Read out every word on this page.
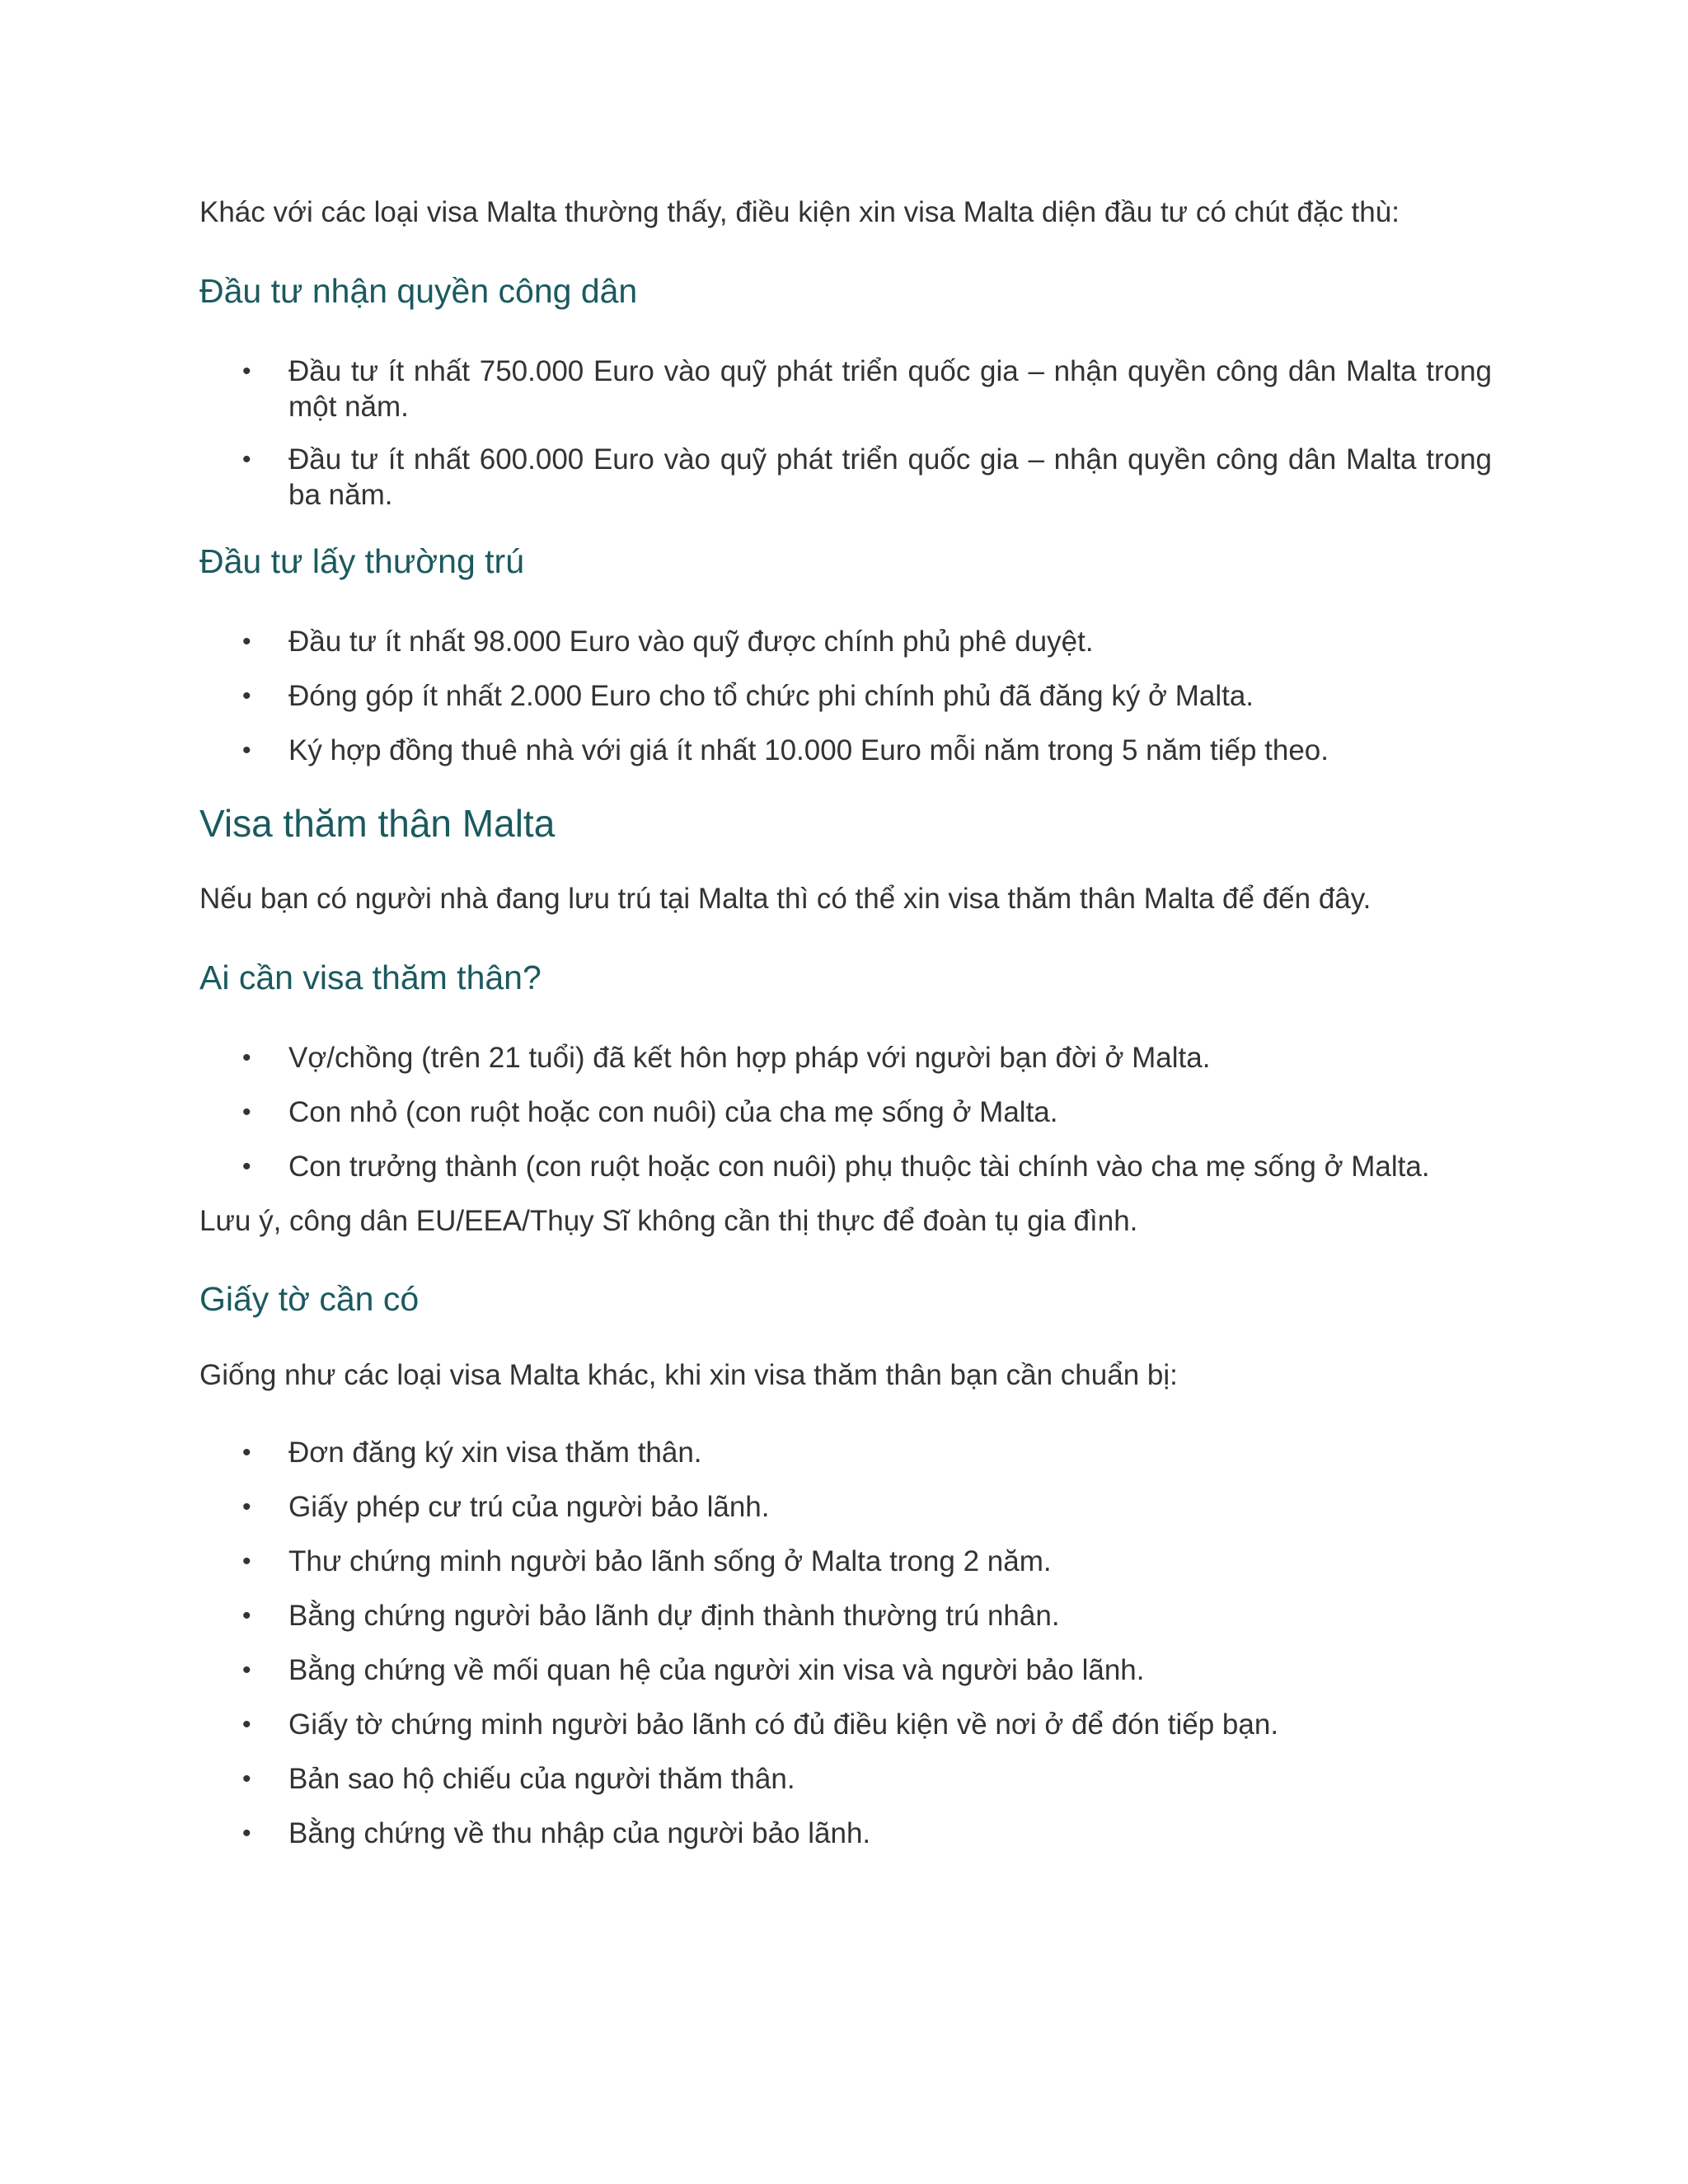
Khác với các loại visa Malta thường thấy, điều kiện xin visa Malta diện đầu tư có chút đặc thù:

Đầu tư nhận quyền công dân
• Đầu tư ít nhất 750.000 Euro vào quỹ phát triển quốc gia – nhận quyền công dân Malta trong một năm.
• Đầu tư ít nhất 600.000 Euro vào quỹ phát triển quốc gia – nhận quyền công dân Malta trong ba năm.
Đầu tư lấy thường trú
• Đầu tư ít nhất 98.000 Euro vào quỹ được chính phủ phê duyệt.
• Đóng góp ít nhất 2.000 Euro cho tổ chức phi chính phủ đã đăng ký ở Malta.
• Ký hợp đồng thuê nhà với giá ít nhất 10.000 Euro mỗi năm trong 5 năm tiếp theo.
Visa thăm thân Malta

Nếu bạn có người nhà đang lưu trú tại Malta thì có thể xin visa thăm thân Malta để đến đây.

Ai cần visa thăm thân?
• Vợ/chồng (trên 21 tuổi) đã kết hôn hợp pháp với người bạn đời ở Malta.
• Con nhỏ (con ruột hoặc con nuôi) của cha mẹ sống ở Malta.
• Con trưởng thành (con ruột hoặc con nuôi) phụ thuộc tài chính vào cha mẹ sống ở Malta.

Lưu ý, công dân EU/EEA/Thụy Sĩ không cần thị thực để đoàn tụ gia đình.

Giấy tờ cần có

Giống như các loại visa Malta khác, khi xin visa thăm thân bạn cần chuẩn bị:

• Đơn đăng ký xin visa thăm thân.
• Giấy phép cư trú của người bảo lãnh.
• Thư chứng minh người bảo lãnh sống ở Malta trong 2 năm.
• Bằng chứng người bảo lãnh dự định thành thường trú nhân.
• Bằng chứng về mối quan hệ của người xin visa và người bảo lãnh.
• Giấy tờ chứng minh người bảo lãnh có đủ điều kiện về nơi ở để đón tiếp bạn.
• Bản sao hộ chiếu của người thăm thân.
• Bằng chứng về thu nhập của người bảo lãnh.
